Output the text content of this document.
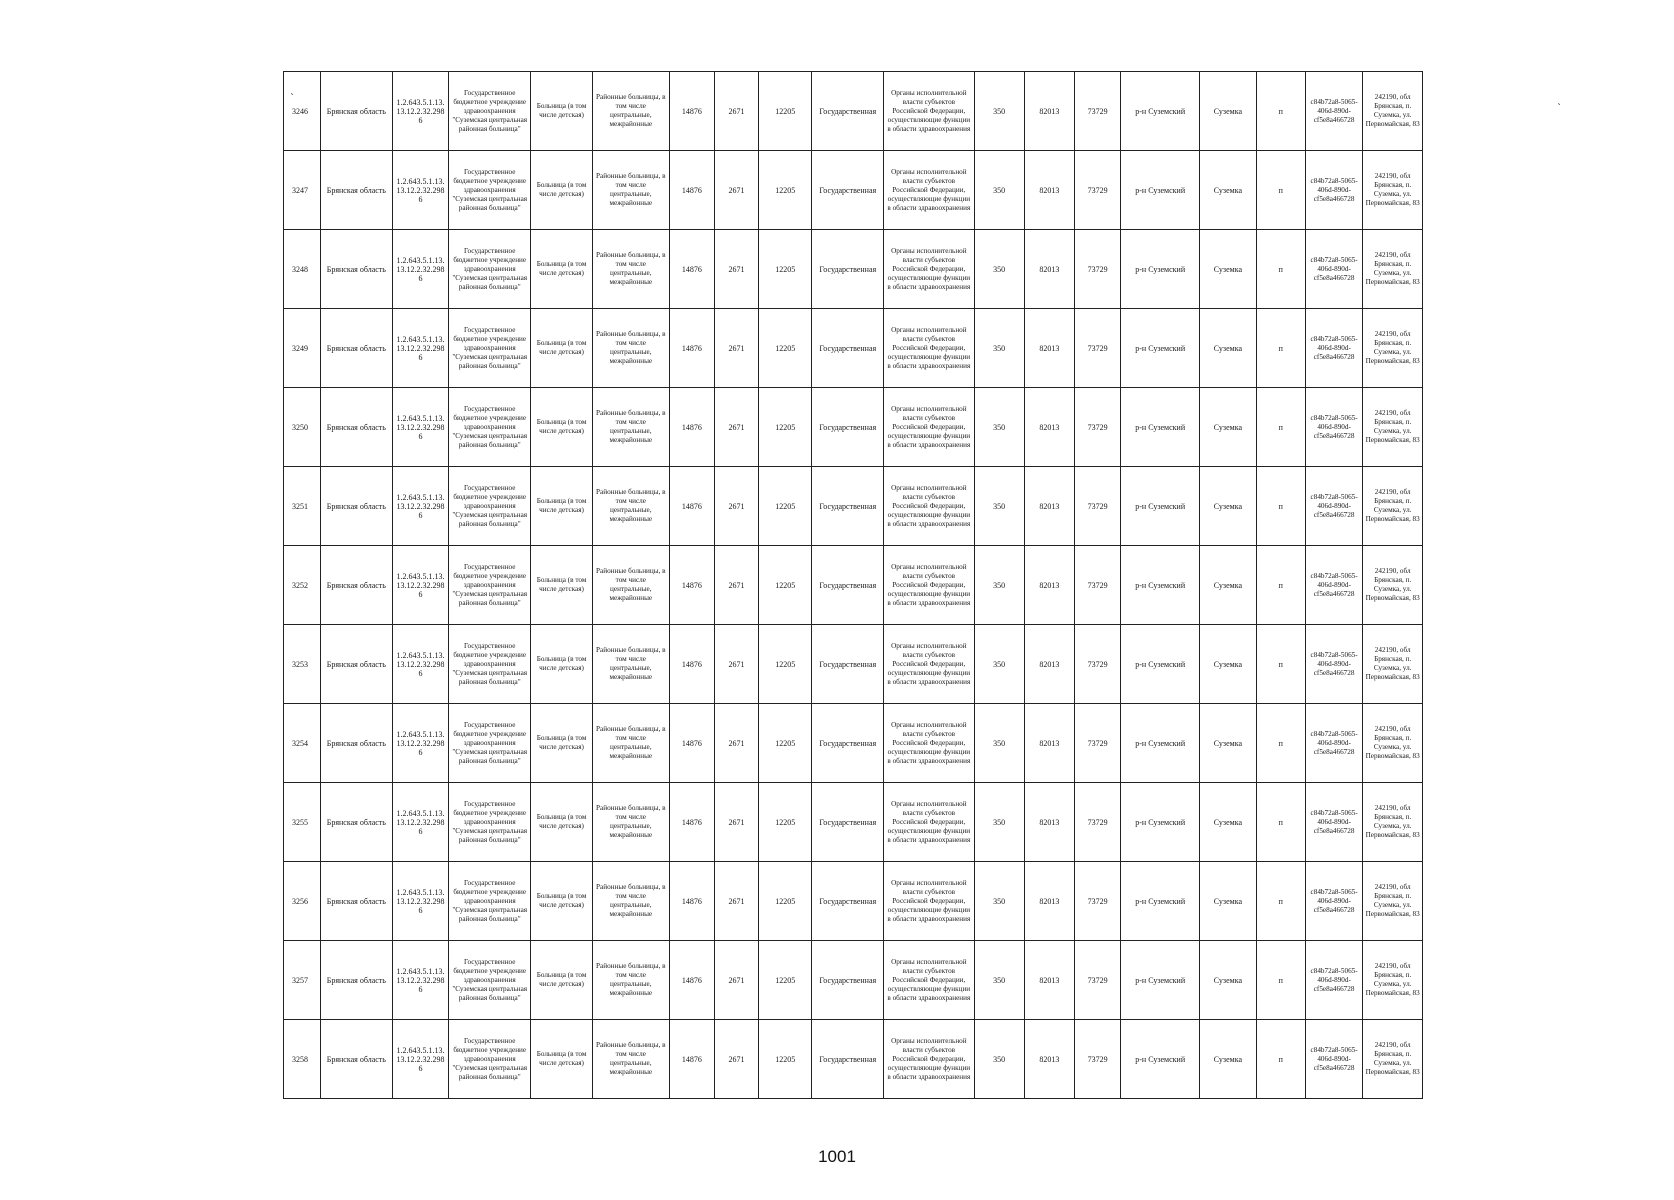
3246	Брянская область	1.2.643.5.1.13. 13.12.2.32.298 6	Государственное бюджетное учреждение здравоохранения "Суземская центральная районная больница"	Больница (в том числе детская)	Районные больницы, в том числе центральные, межрайонные	14876	2671	12205	Государственная	Органы исполнительной власти субъектов Российской Федерации, осуществляющие функции в области здравоохранения	350	82013	73729	р-н Суземский	Суземка	п	c84b72a8-5065-406d-890d-cf5e8a466728	242190, обл Брянская, п. Суземка, ул. Первомайская, 83
3247	Брянская область	1.2.643.5.1.13. 13.12.2.32.298 6	Государственное бюджетное учреждение здравоохранения "Суземская центральная районная больница"	Больница (в том числе детская)	Районные больницы, в том числе центральные, межрайонные	14876	2671	12205	Государственная	Органы исполнительной власти субъектов Российской Федерации, осуществляющие функции в области здравоохранения	350	82013	73729	р-н Суземский	Суземка	п	c84b72a8-5065-406d-890d-cf5e8a466728	242190, обл Брянская, п. Суземка, ул. Первомайская, 83
3248	Брянская область	1.2.643.5.1.13. 13.12.2.32.298 6	Государственное бюджетное учреждение здравоохранения "Суземская центральная районная больница"	Больница (в том числе детская)	Районные больницы, в том числе центральные, межрайонные	14876	2671	12205	Государственная	Органы исполнительной власти субъектов Российской Федерации, осуществляющие функции в области здравоохранения	350	82013	73729	р-н Суземский	Суземка	п	c84b72a8-5065-406d-890d-cf5e8a466728	242190, обл Брянская, п. Суземка, ул. Первомайская, 83
3249	Брянская область	1.2.643.5.1.13. 13.12.2.32.298 6	Государственное бюджетное учреждение здравоохранения "Суземская центральная районная больница"	Больница (в том числе детская)	Районные больницы, в том числе центральные, межрайонные	14876	2671	12205	Государственная	Органы исполнительной власти субъектов Российской Федерации, осуществляющие функции в области здравоохранения	350	82013	73729	р-н Суземский	Суземка	п	c84b72a8-5065-406d-890d-cf5e8a466728	242190, обл Брянская, п. Суземка, ул. Первомайская, 83
3250	Брянская область	1.2.643.5.1.13. 13.12.2.32.298 6	Государственное бюджетное учреждение здравоохранения "Суземская центральная районная больница"	Больница (в том числе детская)	Районные больницы, в том числе центральные, межрайонные	14876	2671	12205	Государственная	Органы исполнительной власти субъектов Российской Федерации, осуществляющие функции в области здравоохранения	350	82013	73729	р-н Суземский	Суземка	п	c84b72a8-5065-406d-890d-cf5e8a466728	242190, обл Брянская, п. Суземка, ул. Первомайская, 83
3251	Брянская область	1.2.643.5.1.13. 13.12.2.32.298 6	Государственное бюджетное учреждение здравоохранения "Суземская центральная районная больница"	Больница (в том числе детская)	Районные больницы, в том числе центральные, межрайонные	14876	2671	12205	Государственная	Органы исполнительной власти субъектов Российской Федерации, осуществляющие функции в области здравоохранения	350	82013	73729	р-н Суземский	Суземка	п	c84b72a8-5065-406d-890d-cf5e8a466728	242190, обл Брянская, п. Суземка, ул. Первомайская, 83
3252	Брянская область	1.2.643.5.1.13. 13.12.2.32.298 6	Государственное бюджетное учреждение здравоохранения "Суземская центральная районная больница"	Больница (в том числе детская)	Районные больницы, в том числе центральные, межрайонные	14876	2671	12205	Государственная	Органы исполнительной власти субъектов Российской Федерации, осуществляющие функции в области здравоохранения	350	82013	73729	р-н Суземский	Суземка	п	c84b72a8-5065-406d-890d-cf5e8a466728	242190, обл Брянская, п. Суземка, ул. Первомайская, 83
3253	Брянская область	1.2.643.5.1.13. 13.12.2.32.298 6	Государственное бюджетное учреждение здравоохранения "Суземская центральная районная больница"	Больница (в том числе детская)	Районные больницы, в том числе центральные, межрайонные	14876	2671	12205	Государственная	Органы исполнительной власти субъектов Российской Федерации, осуществляющие функции в области здравоохранения	350	82013	73729	р-н Суземский	Суземка	п	c84b72a8-5065-406d-890d-cf5e8a466728	242190, обл Брянская, п. Суземка, ул. Первомайская, 83
3254	Брянская область	1.2.643.5.1.13. 13.12.2.32.298 6	Государственное бюджетное учреждение здравоохранения "Суземская центральная районная больница"	Больница (в том числе детская)	Районные больницы, в том числе центральные, межрайонные	14876	2671	12205	Государственная	Органы исполнительной власти субъектов Российской Федерации, осуществляющие функции в области здравоохранения	350	82013	73729	р-н Суземский	Суземка	п	c84b72a8-5065-406d-890d-cf5e8a466728	242190, обл Брянская, п. Суземка, ул. Первомайская, 83
3255	Брянская область	1.2.643.5.1.13. 13.12.2.32.298 6	Государственное бюджетное учреждение здравоохранения "Суземская центральная районная больница"	Больница (в том числе детская)	Районные больницы, в том числе центральные, межрайонные	14876	2671	12205	Государственная	Органы исполнительной власти субъектов Российской Федерации, осуществляющие функции в области здравоохранения	350	82013	73729	р-н Суземский	Суземка	п	c84b72a8-5065-406d-890d-cf5e8a466728	242190, обл Брянская, п. Суземка, ул. Первомайская, 83
3256	Брянская область	1.2.643.5.1.13. 13.12.2.32.298 6	Государственное бюджетное учреждение здравоохранения "Суземская центральная районная больница"	Больница (в том числе детская)	Районные больницы, в том числе центральные, межрайонные	14876	2671	12205	Государственная	Органы исполнительной власти субъектов Российской Федерации, осуществляющие функции в области здравоохранения	350	82013	73729	р-н Суземский	Суземка	п	c84b72a8-5065-406d-890d-cf5e8a466728	242190, обл Брянская, п. Суземка, ул. Первомайская, 83
3257	Брянская область	1.2.643.5.1.13. 13.12.2.32.298 6	Государственное бюджетное учреждение здравоохранения "Суземская центральная районная больница"	Больница (в том числе детская)	Районные больницы, в том числе центральные, межрайонные	14876	2671	12205	Государственная	Органы исполнительной власти субъектов Российской Федерации, осуществляющие функции в области здравоохранения	350	82013	73729	р-н Суземский	Суземка	п	c84b72a8-5065-406d-890d-cf5e8a466728	242190, обл Брянская, п. Суземка, ул. Первомайская, 83
3258	Брянская область	1.2.643.5.1.13. 13.12.2.32.298 6	Государственное бюджетное учреждение здравоохранения "Суземская центральная районная больница"	Больница (в том числе детская)	Районные больницы, в том числе центральные, межрайонные	14876	2671	12205	Государственная	Органы исполнительной власти субъектов Российской Федерации, осуществляющие функции в области здравоохранения	350	82013	73729	р-н Суземский	Суземка	п	c84b72a8-5065-406d-890d-cf5e8a466728	242190, обл Брянская, п. Суземка, ул. Первомайская, 83
`
`
1001
